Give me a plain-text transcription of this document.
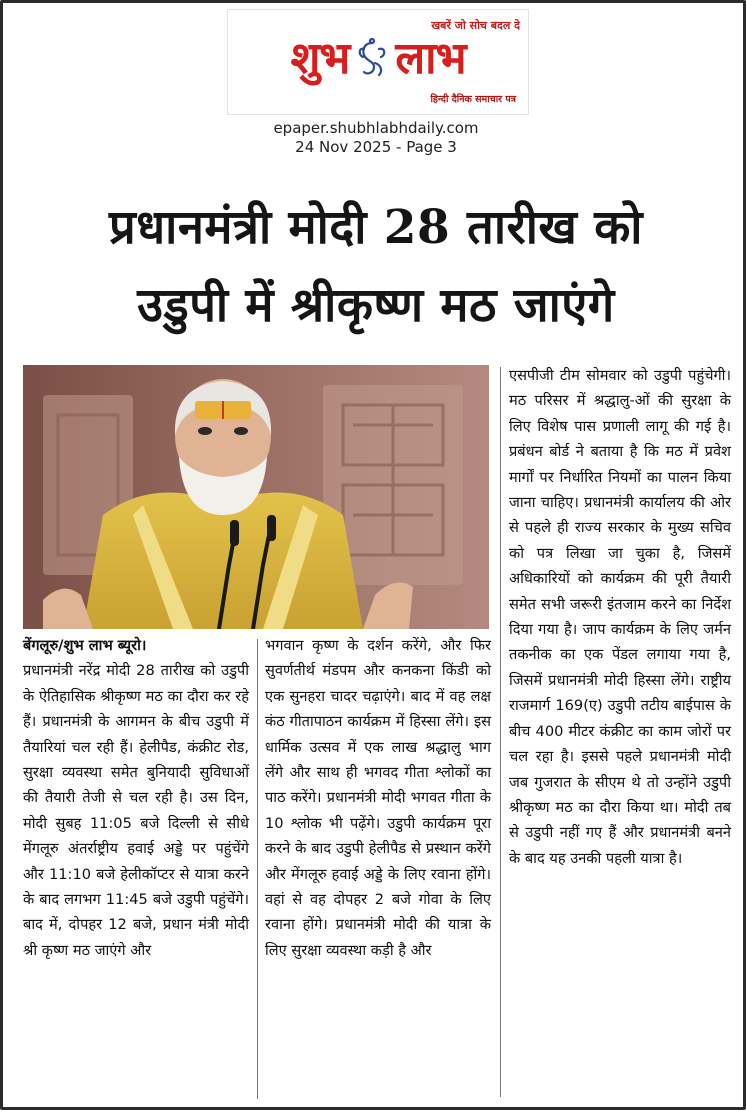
खबरें जो सोच बदल दे
शुभ लाभ
हिन्दी दैनिक समाचार पत्र
epaper.shubhlabhdaily.com
24 Nov 2025 - Page 3
प्रधानमंत्री मोदी 28 तारीख को
उडुपी में श्रीकृष्ण मठ जाएंगे
बेंगलूरु/शुभ लाभ ब्यूरो।
प्रधानमंत्री नरेंद्र मोदी 28 तारीख को उडुपी के ऐतिहासिक श्रीकृष्ण मठ का दौरा कर रहे हैं। प्रधानमंत्री के आगमन के बीच उडुपी में तैयारियां चल रही हैं। हेलीपैड, कंक्रीट रोड, सुरक्षा व्यवस्था समेत बुनियादी सुविधाओं की तैयारी तेजी से चल रही है। उस दिन, मोदी सुबह 11:05 बजे दिल्ली से सीधे मेंगलूरु अंतर्राष्ट्रीय हवाई अड्डे पर पहुंचेंगे और 11:10 बजे हेलीकॉप्टर से यात्रा करने के बाद लगभग 11:45 बजे उडुपी पहुंचेंगे। बाद में, दोपहर 12 बजे, प्रधान मंत्री मोदी श्री कृष्ण मठ जाएंगे और
भगवान कृष्ण के दर्शन करेंगे, और फिर सुवर्णतीर्थ मंडपम और कनकना किंडी को एक सुनहरा चादर चढ़ाएंगे। बाद में वह लक्ष कंठ गीतापाठन कार्यक्रम में हिस्सा लेंगे। इस धार्मिक उत्सव में एक लाख श्रद्धालु भाग लेंगे और साथ ही भगवद गीता श्लोकों का पाठ करेंगे। प्रधानमंत्री मोदी भगवत गीता के 10 श्लोक भी पढ़ेंगे। उडुपी कार्यक्रम पूरा करने के बाद उडुपी हेलीपैड से प्रस्थान करेंगे और मेंगलूरु हवाई अड्डे के लिए रवाना होंगे। वहां से वह दोपहर 2 बजे गोवा के लिए रवाना होंगे। प्रधानमंत्री मोदी की यात्रा के लिए सुरक्षा व्यवस्था कड़ी है और
एसपीजी टीम सोमवार को उडुपी पहुंचेगी। मठ परिसर में श्रद्धालु-ओं की सुरक्षा के लिए विशेष पास प्रणाली लागू की गई है। प्रबंधन बोर्ड ने बताया है कि मठ में प्रवेश मार्गों पर निर्धारित नियमों का पालन किया जाना चाहिए। प्रधानमंत्री कार्यालय की ओर से पहले ही राज्य सरकार के मुख्य सचिव को पत्र लिखा जा चुका है, जिसमें अधिकारियों को कार्यक्रम की पूरी तैयारी समेत सभी जरूरी इंतजाम करने का निर्देश दिया गया है। जाप कार्यक्रम के लिए जर्मन तकनीक का एक पेंडल लगाया गया है, जिसमें प्रधानमंत्री मोदी हिस्सा लेंगे। राष्ट्रीय राजमार्ग 169(ए) उडुपी तटीय बाईपास के बीच 400 मीटर कंक्रीट का काम जोरों पर चल रहा है। इससे पहले प्रधानमंत्री मोदी जब गुजरात के सीएम थे तो उन्होंने उडुपी श्रीकृष्ण मठ का दौरा किया था। मोदी तब से उडुपी नहीं गए हैं और प्रधानमंत्री बनने के बाद यह उनकी पहली यात्रा है।
